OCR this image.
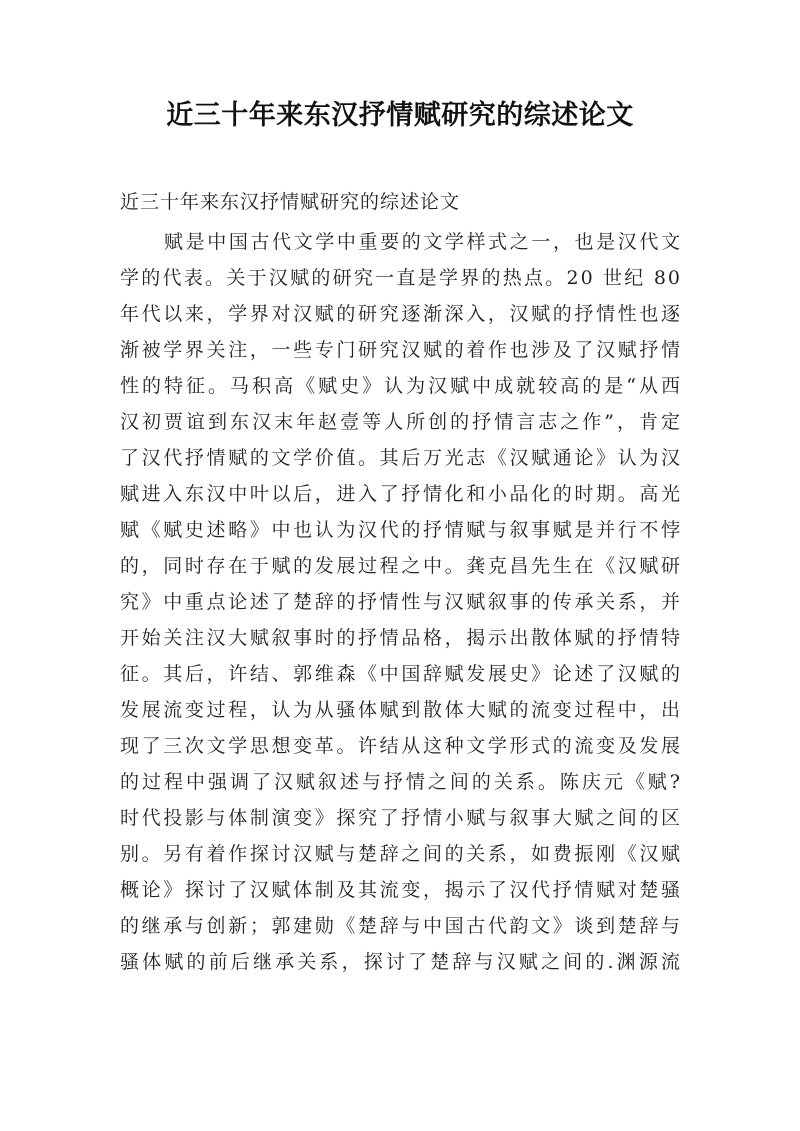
近三十年来东汉抒情赋研究的综述论文
近三十年来东汉抒情赋研究的综述论文
赋是中国古代文学中重要的文学样式之一，也是汉代文
学的代表。关于汉赋的研究一直是学界的热点。20 世纪 80
年代以来，学界对汉赋的研究逐渐深入，汉赋的抒情性也逐
渐被学界关注，一些专门研究汉赋的着作也涉及了汉赋抒情
性的特征。马积高《赋史》认为汉赋中成就较高的是“从西
汉初贾谊到东汉末年赵壹等人所创的抒情言志之作”，肯定
了汉代抒情赋的文学价值。其后万光志《汉赋通论》认为汉
赋进入东汉中叶以后，进入了抒情化和小品化的时期。高光
赋《赋史述略》中也认为汉代的抒情赋与叙事赋是并行不悖
的，同时存在于赋的发展过程之中。龚克昌先生在《汉赋研
究》中重点论述了楚辞的抒情性与汉赋叙事的传承关系，并
开始关注汉大赋叙事时的抒情品格，揭示出散体赋的抒情特
征。其后，许结、郭维森《中国辞赋发展史》论述了汉赋的
发展流变过程，认为从骚体赋到散体大赋的流变过程中，出
现了三次文学思想变革。许结从这种文学形式的流变及发展
的过程中强调了汉赋叙述与抒情之间的关系。陈庆元《赋?
时代投影与体制演变》探究了抒情小赋与叙事大赋之间的区
别。另有着作探讨汉赋与楚辞之间的关系，如费振刚《汉赋
概论》探讨了汉赋体制及其流变，揭示了汉代抒情赋对楚骚
的继承与创新；郭建勋《楚辞与中国古代韵文》谈到楚辞与
骚体赋的前后继承关系，探讨了楚辞与汉赋之间的.渊源流
